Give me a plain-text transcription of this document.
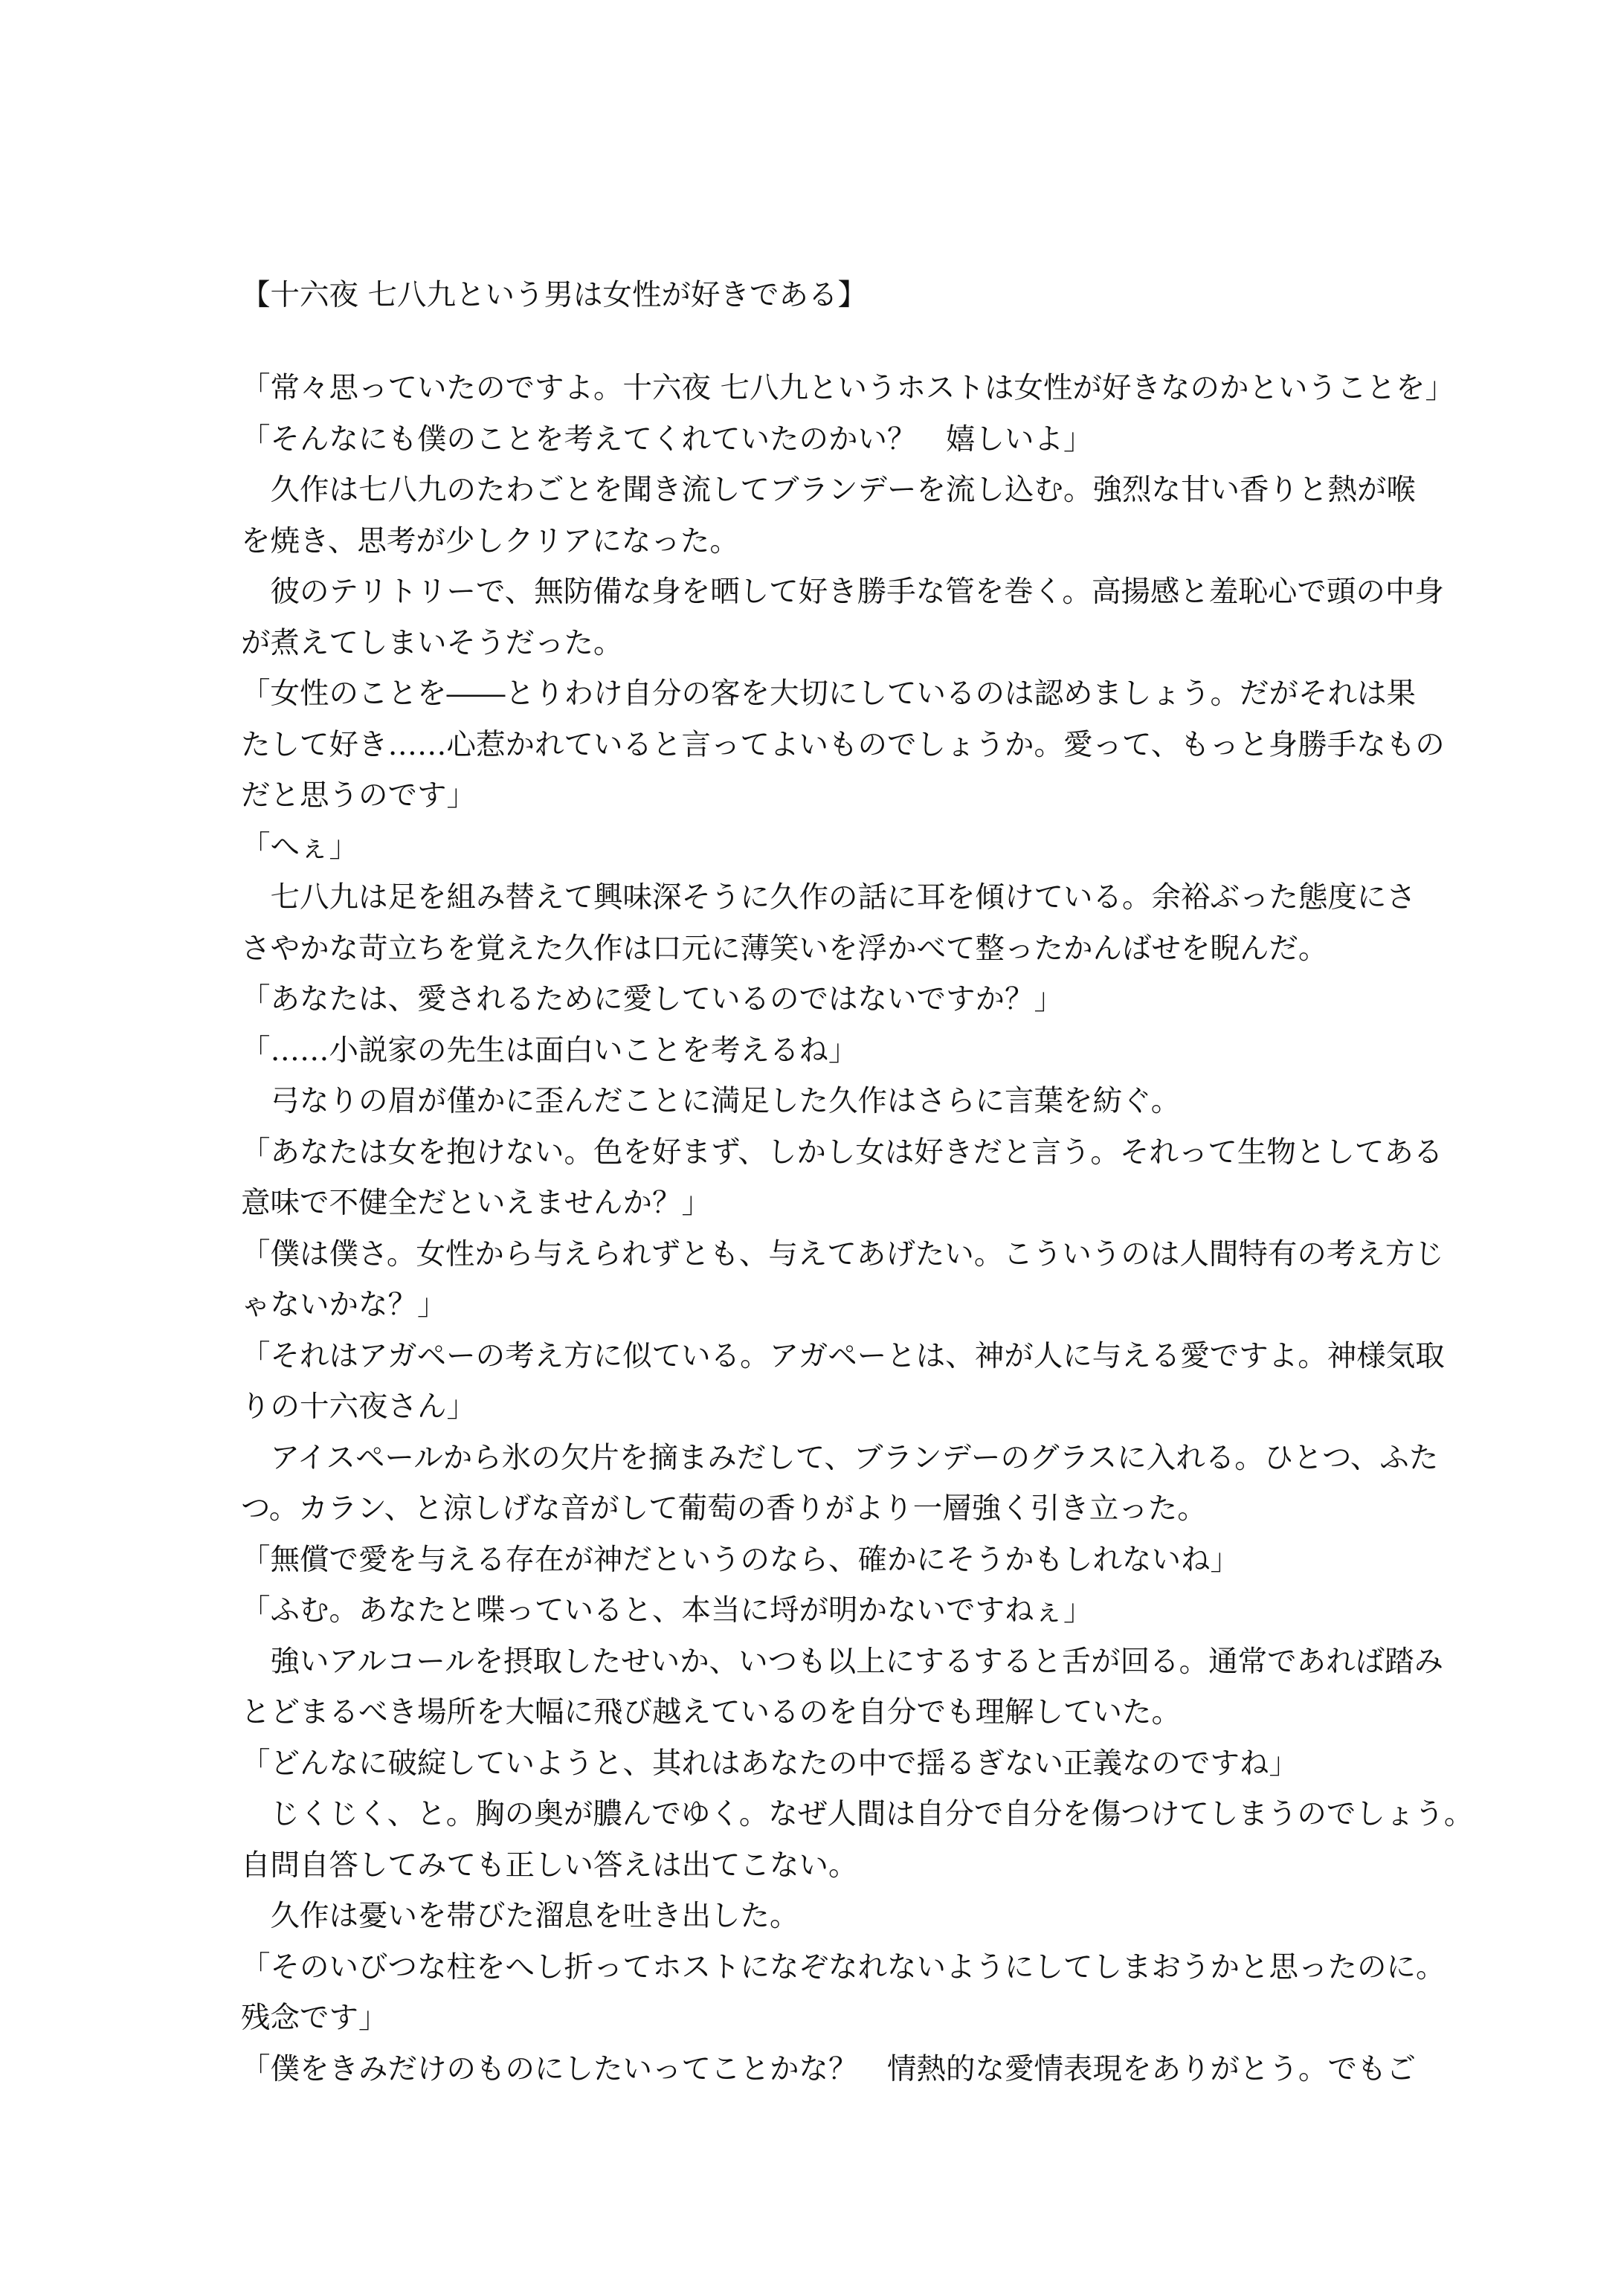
【十六夜 七八九という男は女性が好きである】
「常々思っていたのですよ。十六夜 七八九というホストは女性が好きなのかということを」
「そんなにも僕のことを考えてくれていたのかい？　嬉しいよ」
　久作は七八九のたわごとを聞き流してブランデーを流し込む。強烈な甘い香りと熱が喉
を焼き、思考が少しクリアになった。
　彼のテリトリーで、無防備な身を晒して好き勝手な管を巻く。高揚感と羞恥心で頭の中身
が煮えてしまいそうだった。
「女性のことを――とりわけ自分の客を大切にしているのは認めましょう。だがそれは果
たして好き……心惹かれていると言ってよいものでしょうか。愛って、もっと身勝手なもの
だと思うのです」
「へぇ」
　七八九は足を組み替えて興味深そうに久作の話に耳を傾けている。余裕ぶった態度にさ
さやかな苛立ちを覚えた久作は口元に薄笑いを浮かべて整ったかんばせを睨んだ。
「あなたは、愛されるために愛しているのではないですか？」
「……小説家の先生は面白いことを考えるね」
　弓なりの眉が僅かに歪んだことに満足した久作はさらに言葉を紡ぐ。
「あなたは女を抱けない。色を好まず、しかし女は好きだと言う。それって生物としてある
意味で不健全だといえませんか？」
「僕は僕さ。女性から与えられずとも、与えてあげたい。こういうのは人間特有の考え方じ
ゃないかな？」
「それはアガペーの考え方に似ている。アガペーとは、神が人に与える愛ですよ。神様気取
りの十六夜さん」
　アイスペールから氷の欠片を摘まみだして、ブランデーのグラスに入れる。ひとつ、ふた
つ。カラン、と涼しげな音がして葡萄の香りがより一層強く引き立った。
「無償で愛を与える存在が神だというのなら、確かにそうかもしれないね」
「ふむ。あなたと喋っていると、本当に埒が明かないですねぇ」
　強いアルコールを摂取したせいか、いつも以上にするすると舌が回る。通常であれば踏み
とどまるべき場所を大幅に飛び越えているのを自分でも理解していた。
「どんなに破綻していようと、其れはあなたの中で揺るぎない正義なのですね」
　じくじく、と。胸の奥が膿んでゆく。なぜ人間は自分で自分を傷つけてしまうのでしょう。
自問自答してみても正しい答えは出てこない。
　久作は憂いを帯びた溜息を吐き出した。
「そのいびつな柱をへし折ってホストになぞなれないようにしてしまおうかと思ったのに。
残念です」
「僕をきみだけのものにしたいってことかな？　情熱的な愛情表現をありがとう。でもご
